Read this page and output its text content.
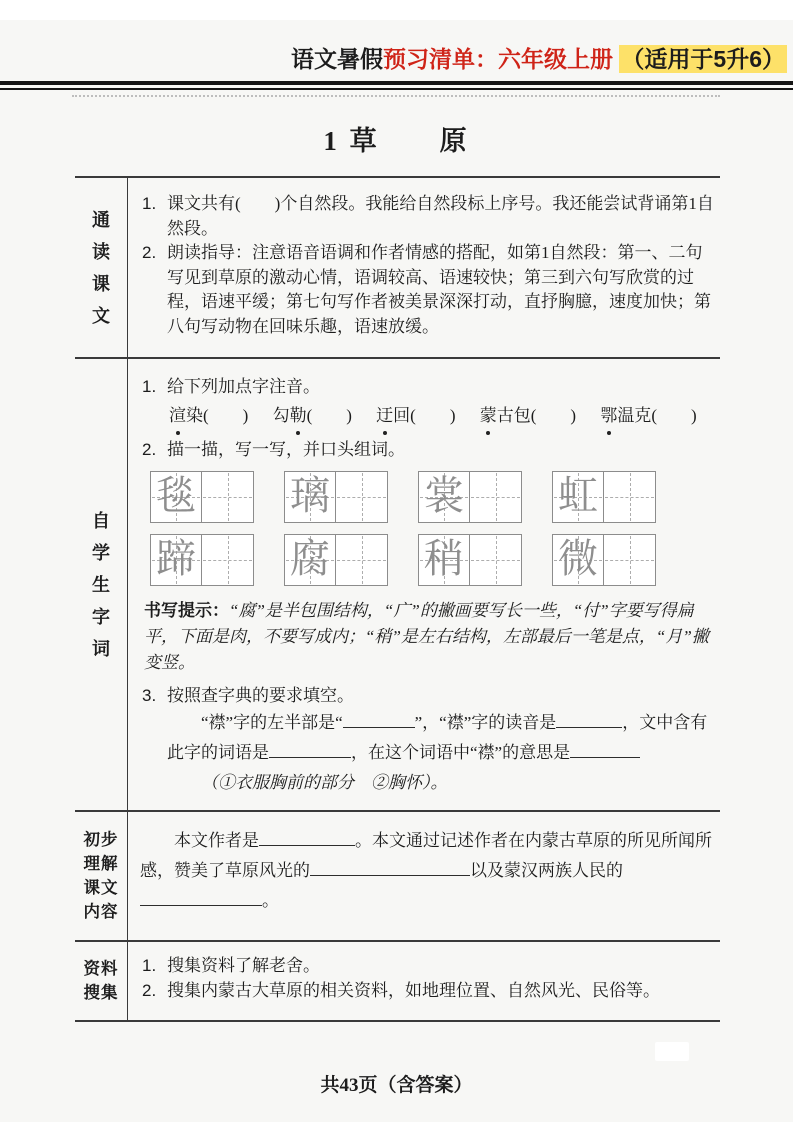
语文暑假预习清单：六年级上册 （适用于5升6）
1 草　　原
通
读
课
文
1. 课文共有(　　)个自然段。我能给自然段标上序号。我还能尝试背诵第1自然段。
2. 朗读指导：注意语音语调和作者情感的搭配，如第1自然段：第一、二句写见到草原的激动心情，语调较高、语速较快；第三到六句写欣赏的过程，语速平缓；第七句写作者被美景深深打动，直抒胸臆，速度加快；第八句写动物在回味乐趣，语速放缓。
自
学
生
字
词
1. 给下列加点字注音。
渲染(　　) 勾勒(　　) 迂回(　　) 蒙古包(　　) 鄂温克(　　)
2. 描一描，写一写，并口头组词。
毯 璃 裳 虹
蹄 腐 稍 微
书写提示：“腐”是半包围结构，“广”的撇画要写长一些，“付”字要写得扁平，下面是肉，不要写成内；“稍”是左右结构，左部最后一笔是点，“月”撇变竖。
3. 按照查字典的要求填空。
“襟”字的左半部是“	”，“襟”字的读音是	，文中含有此字的词语是	，在这个词语中“襟”的意思是
（①衣服胸前的部分　②胸怀）。
初步
理解
课文
内容
本文作者是	。本文通过记述作者在内蒙古草原的所见所闻所感，赞美了草原风光的	以及蒙汉两族人民的。
资料
搜集
1. 搜集资料了解老舍。
2. 搜集内蒙古大草原的相关资料，如地理位置、自然风光、民俗等。
共43页（含答案）
